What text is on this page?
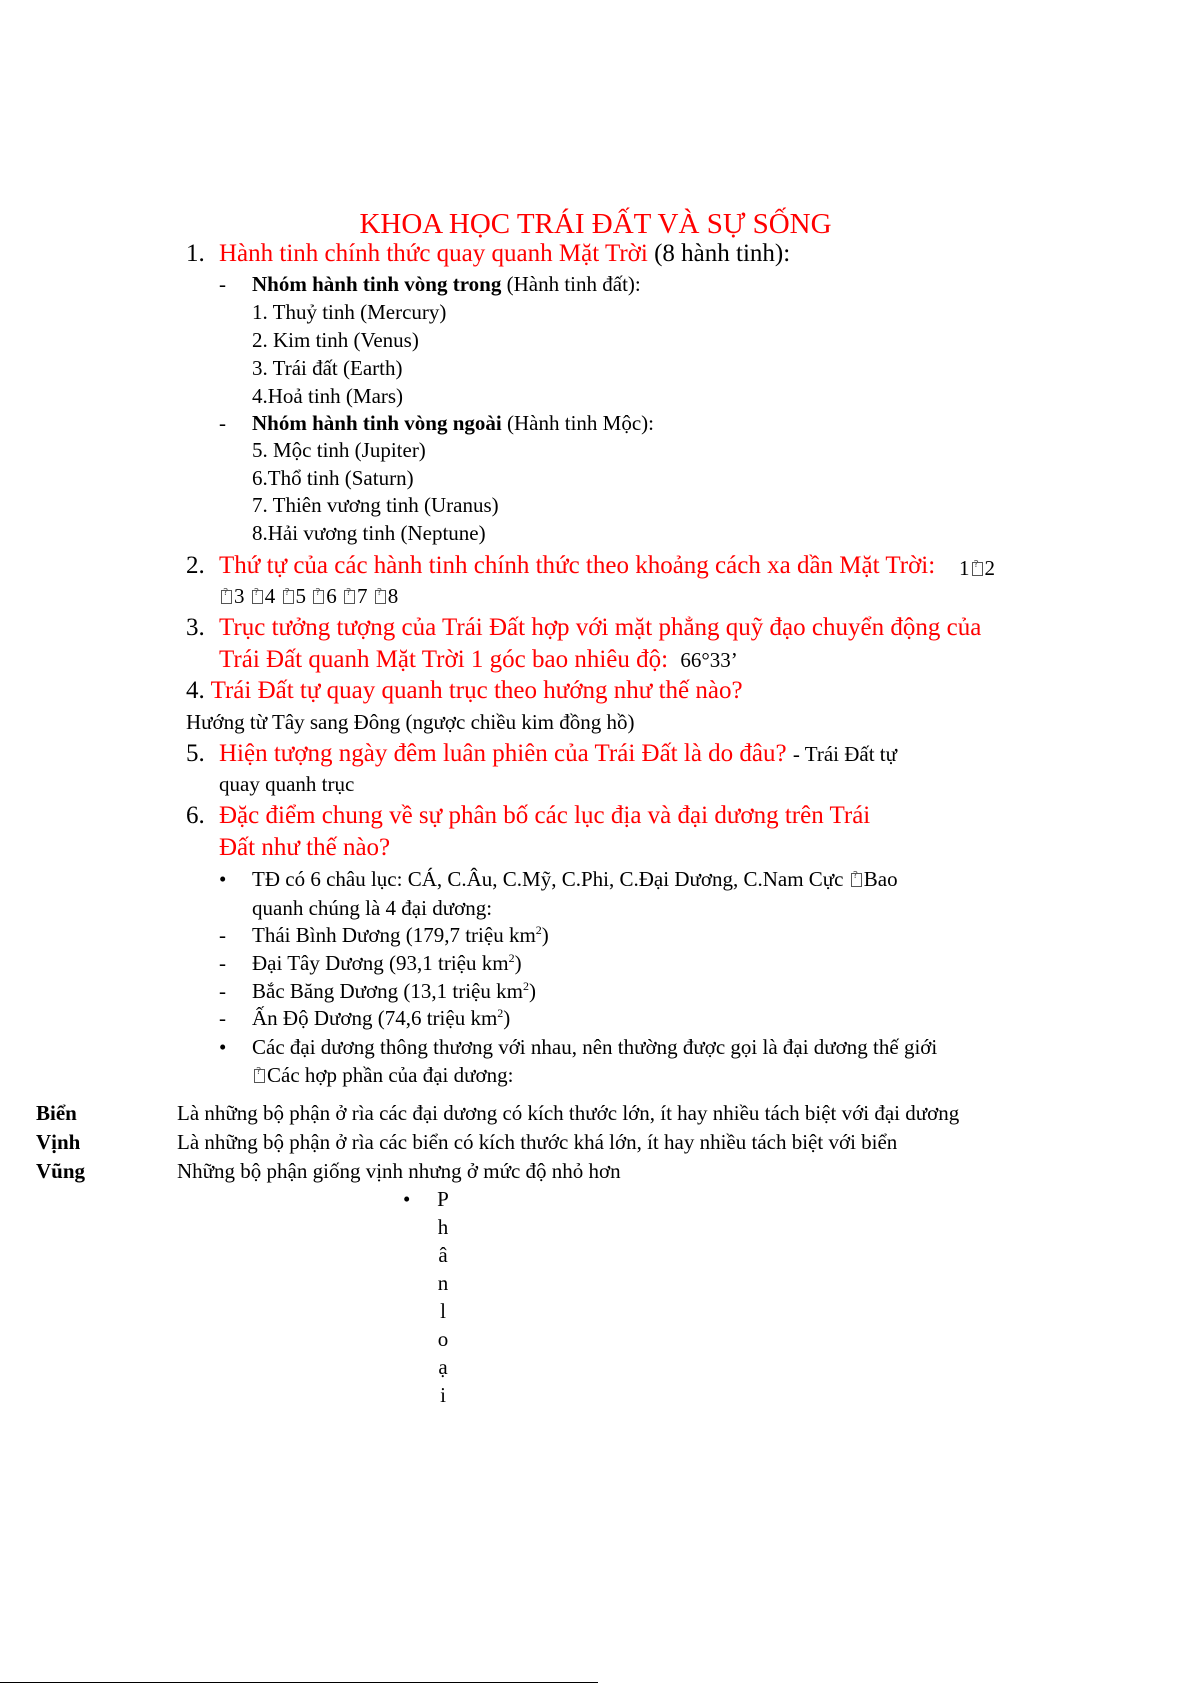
KHOA HỌC TRÁI ĐẤT VÀ SỰ SỐNG
1. Hành tinh chính thức quay quanh Mặt Trời (8 hành tinh):
- Nhóm hành tinh vòng trong (Hành tinh đất):
1. Thuỷ tinh (Mercury)
2. Kim tinh (Venus)
3. Trái đất (Earth)
4.Hoả tinh (Mars)
- Nhóm hành tinh vòng ngoài (Hành tinh Mộc):
5. Mộc tinh (Jupiter)
6.Thổ tinh (Saturn)
7. Thiên vương tinh (Uranus)
8.Hải vương tinh (Neptune)
2. Thứ tự của các hành tinh chính thức theo khoảng cách xa dần Mặt Trời: 1 ? 2
?3 ? 4 ? 5 ? 6 ? 7 ? 8
3. Trục tưởng tượng của Trái Đất hợp với mặt phẳng quỹ đạo chuyển động của
Trái Đất quanh Mặt Trời 1 góc bao nhiêu độ: 66°33’
4. Trái Đất tự quay quanh trục theo hướng như thế nào?
Hướng từ Tây sang Đông (ngược chiều kim đồng hồ)
5. Hiện tượng ngày đêm luân phiên của Trái Đất là do đâu? - Trái Đất tự
quay quanh trục
6. Đặc điểm chung về sự phân bố các lục địa và đại dương trên Trái
Đất như thế nào?
• TĐ có 6 châu lục: CÁ, C.Âu, C.Mỹ, C.Phi, C.Đại Dương, C.Nam Cực ? Bao
quanh chúng là 4 đại dương:
- Thái Bình Dương (179,7 triệu $km^2$)
- Đại Tây Dương (93,1 triệu $km^2$)
- Bắc Băng Dương (13,1 triệu $km^2$)
- Ấn Độ Dương (74,6 triệu $km^2$)
• Các đại dương thông thương với nhau, nên thường được gọi là đại dương thế giới
?Các hợp phần của đại dương:
Biển	Là những bộ phận ở rìa các đại dương có kích thước lớn, ít hay nhiều tách biệt với đại dương
Vịnh	Là những bộ phận ở rìa các biển có kích thước khá lớn, ít hay nhiều tách biệt với biển
Vũng	Những bộ phận giống vịnh nhưng ở mức độ nhỏ hơn
• P
h
â
n
l
o
ạ
i
